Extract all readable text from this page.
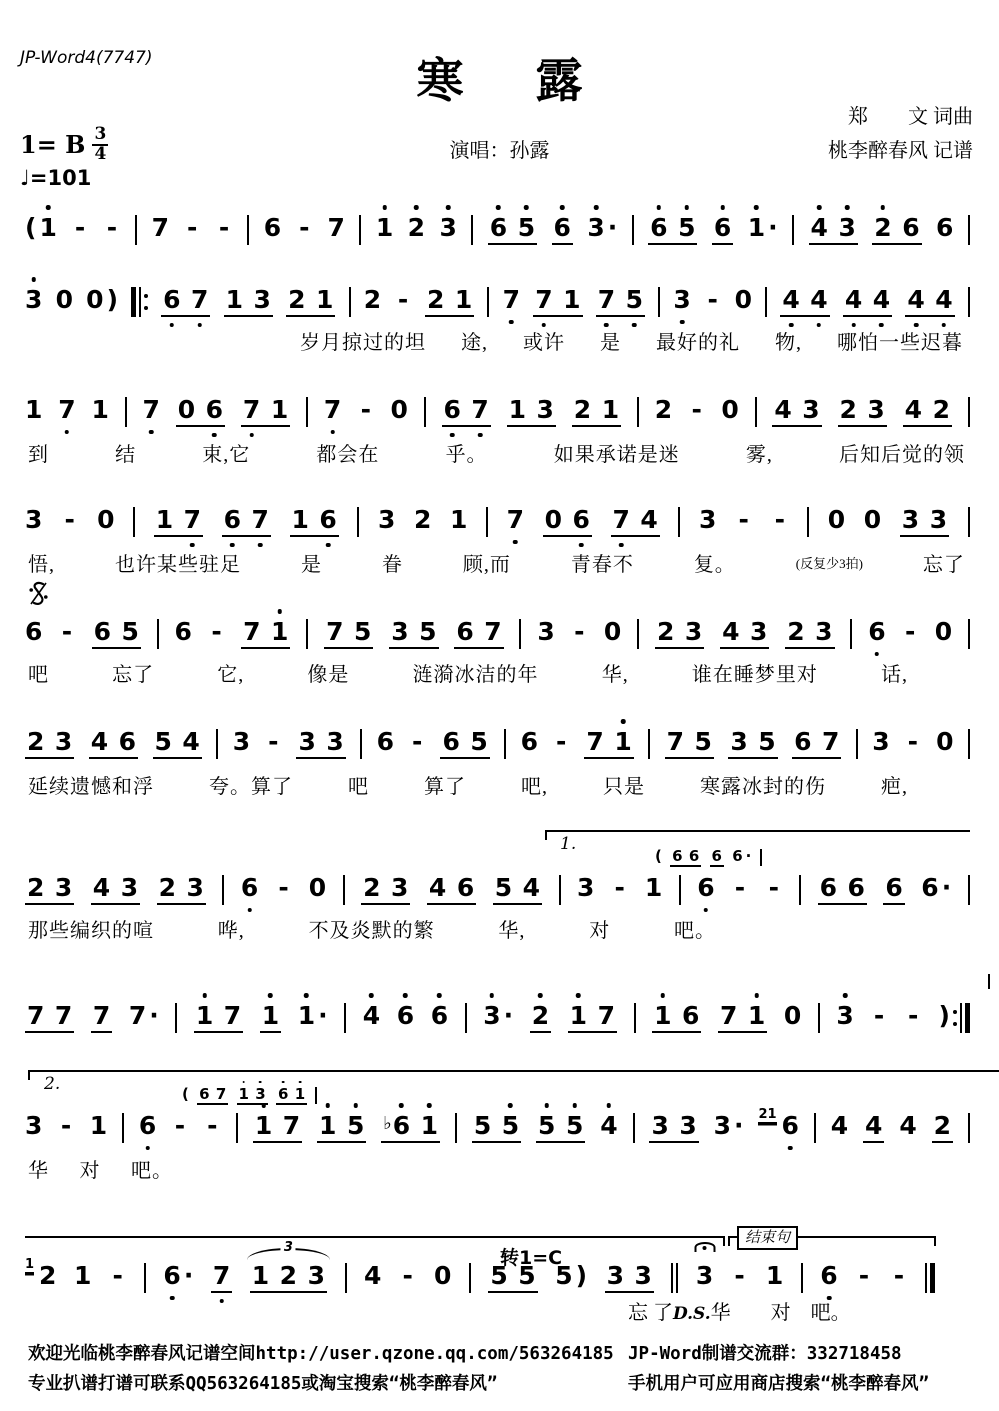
JP-Word4(7747)	寒露
郑　　文 词曲
演唱：孙露	桃李醉春风 记谱
1= B $\frac{3}{4}$
♩=101
( 1 - - 7 - - 6 - 7 1 2 3 6 5 6 3 · 6 5 6 1 · 4 3 2 6 6
3 0 0 ) 6 7 1 3 2 1 2 - 2 1 7 7 1 7 5 3 - 0 4 4 4 4 4 4
岁月掠过的坦 途, 或许 是 最好的礼 物, 哪怕一些迟暮
1 7 1 7 0 6 7 1 7 - 0 6 7 1 3 2 1 2 - 0 4 3 2 3 4 2
到	结	束,它	都会在	乎。	如果承诺是迷	雾,	后知后觉的领
3 - 0 1 7 6 7 1 6 3 2 1 7 0 6 7 4 3 - - 0 0 3 3
悟,	也许某些驻足	是	眷	顾,而	青春不	复。	(反复少3拍)	忘了
6 - 6 5 6 - 7 1 7 5 3 5 6 7 3 - 0 2 3 4 3 2 3 6 - 0
吧	忘了	它,	像是	涟漪冰洁的年	华,	谁在睡梦里对	话,
2 3 4 6 5 4 3 - 3 3 6 - 6 5 6 - 7 1 7 5 3 5 6 7 3 - 0
延续遗憾和浮	夸。算了	吧	算了	吧,	只是	寒露冰封的伤	疤,
1.
( 6 6 6 6 ·
2 3 4 3 2 3 6 - 0 2 3 4 6 5 4 3 - 1 6 - - 6 6 6 6 ·
那些编织的喧	哗,	不及炎默的繁	华,	对	吧。
7 7 7 7 · 1 7 1 1 · 4 6 6 3 · 2 1 7 1 6 7 1 0 3 - - )
2.	( 6 7 1 3 6 1
3 - 1 6 - - 1 7 1 5 ♭ 6 1 5 5 5 5 4 3 3 3 · 21 6 4 4 4 2
华 对 吧。
结束句
转1=C
1 2 1 - 6 · 7 1 2 3
3 4 - 0 5 5 5 ) 3 3 3 - 1 6 - -
忘 了D.S.华　　对　吧。
欢迎光临桃李醉春风记谱空间http://user.qzone.qq.com/563264185 JP-Word制谱交流群：332718458
专业扒谱打谱可联系QQ563264185或淘宝搜索“桃李醉春风”	手机用户可应用商店搜索“桃李醉春风”
